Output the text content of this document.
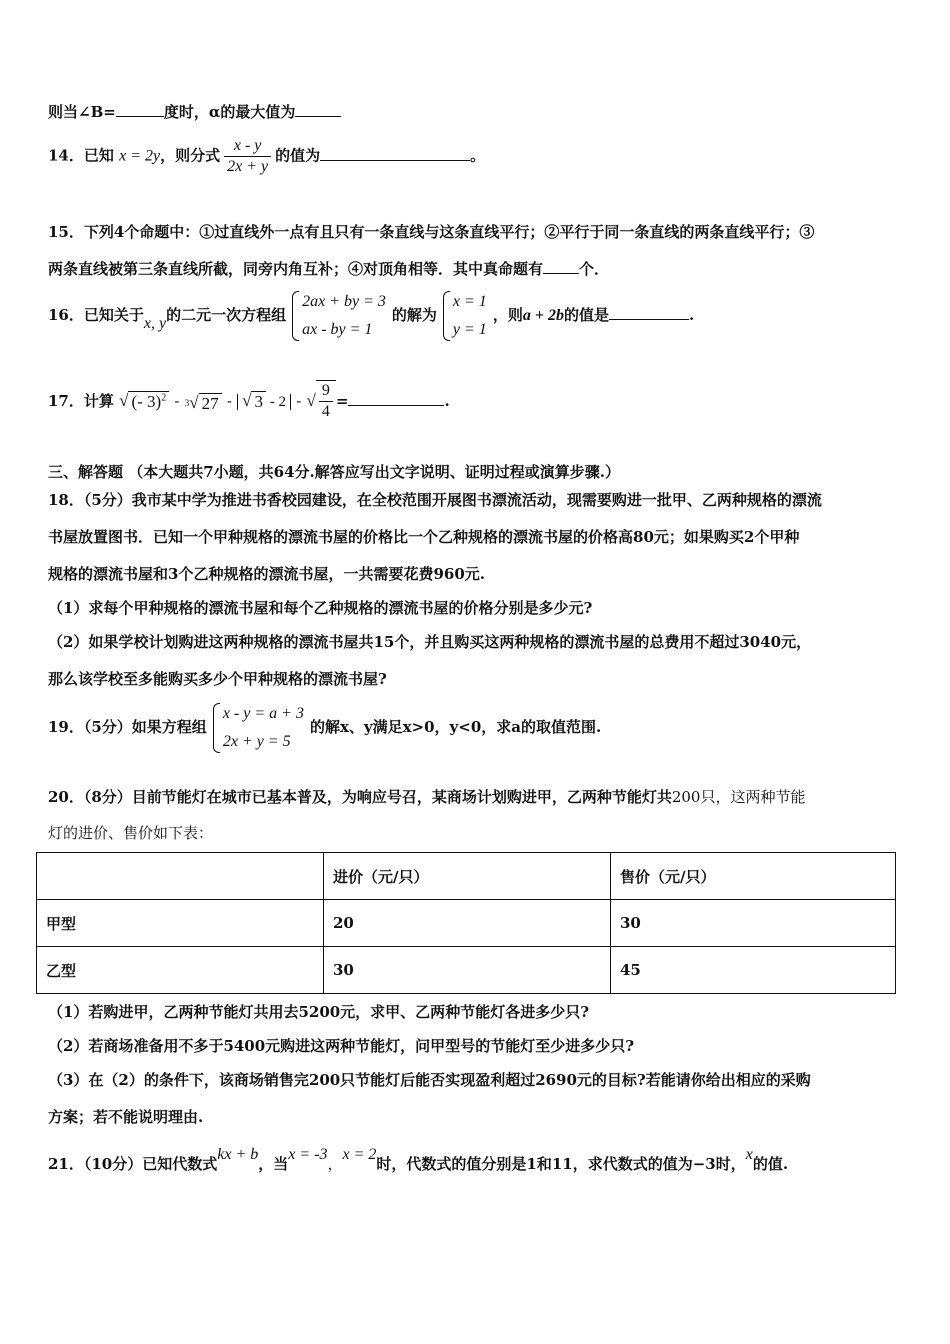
则当∠B=	度时，α的最大值为
14．已知 x = 2y，则分式 $\frac{x - y}{2x + y}$ 的值为	。
15．下列4个命题中：①过直线外一点有且只有一条直线与这条直线平行；②平行于同一条直线的两条直线平行；③
两条直线被第三条直线所截，同旁内角互补；④对顶角相等．其中真命题有 个．
16．已知关于x, y的二元一次方程组
2ax + by = 3
ax - by = 1
的解为
x = 1
y = 1
，则a + 2b的值是	.
17．计算 √ (- 3)$^2$ - 3 √ 27 - √ 3 - 2 - √ $\frac{9}{4}$ =	.
三、解答题 （本大题共7小题，共64分.解答应写出文字说明、证明过程或演算步骤.）
18．（5分）我市某中学为推进书香校园建设，在全校范围开展图书漂流活动，现需要购进一批甲、乙两种规格的漂流
书屋放置图书．已知一个甲种规格的漂流书屋的价格比一个乙种规格的漂流书屋的价格高80元；如果购买2个甲种
规格的漂流书屋和3个乙种规格的漂流书屋，一共需要花费960元.
（1）求每个甲种规格的漂流书屋和每个乙种规格的漂流书屋的价格分别是多少元?
（2）如果学校计划购进这两种规格的漂流书屋共15个，并且购买这两种规格的漂流书屋的总费用不超过3040元，
那么该学校至多能购买多少个甲种规格的漂流书屋?
19．（5分）如果方程组
x - y = a + 3
2x + y = 5
的解x、y满足x>0，y<0，求a的取值范围.
20．（8分）目前节能灯在城市已基本普及，为响应号召，某商场计划购进甲，乙两种节能灯共200只，这两种节能
灯的进价、售价如下表：
	进价（元/只）	售价（元/只）
甲型	20	30
乙型	30	45
（1）若购进甲，乙两种节能灯共用去5200元，求甲、乙两种节能灯各进多少只?
（2）若商场准备用不多于5400元购进这两种节能灯，问甲型号的节能灯至少进多少只?
（3）在（2）的条件下，该商场销售完200只节能灯后能否实现盈利超过2690元的目标?若能请你给出相应的采购
方案；若不能说明理由.
21．（10分）已知代数式kx + b，当x = -3，x = 2时，代数式的值分别是1和11，求代数式的值为−3时，x的值.
